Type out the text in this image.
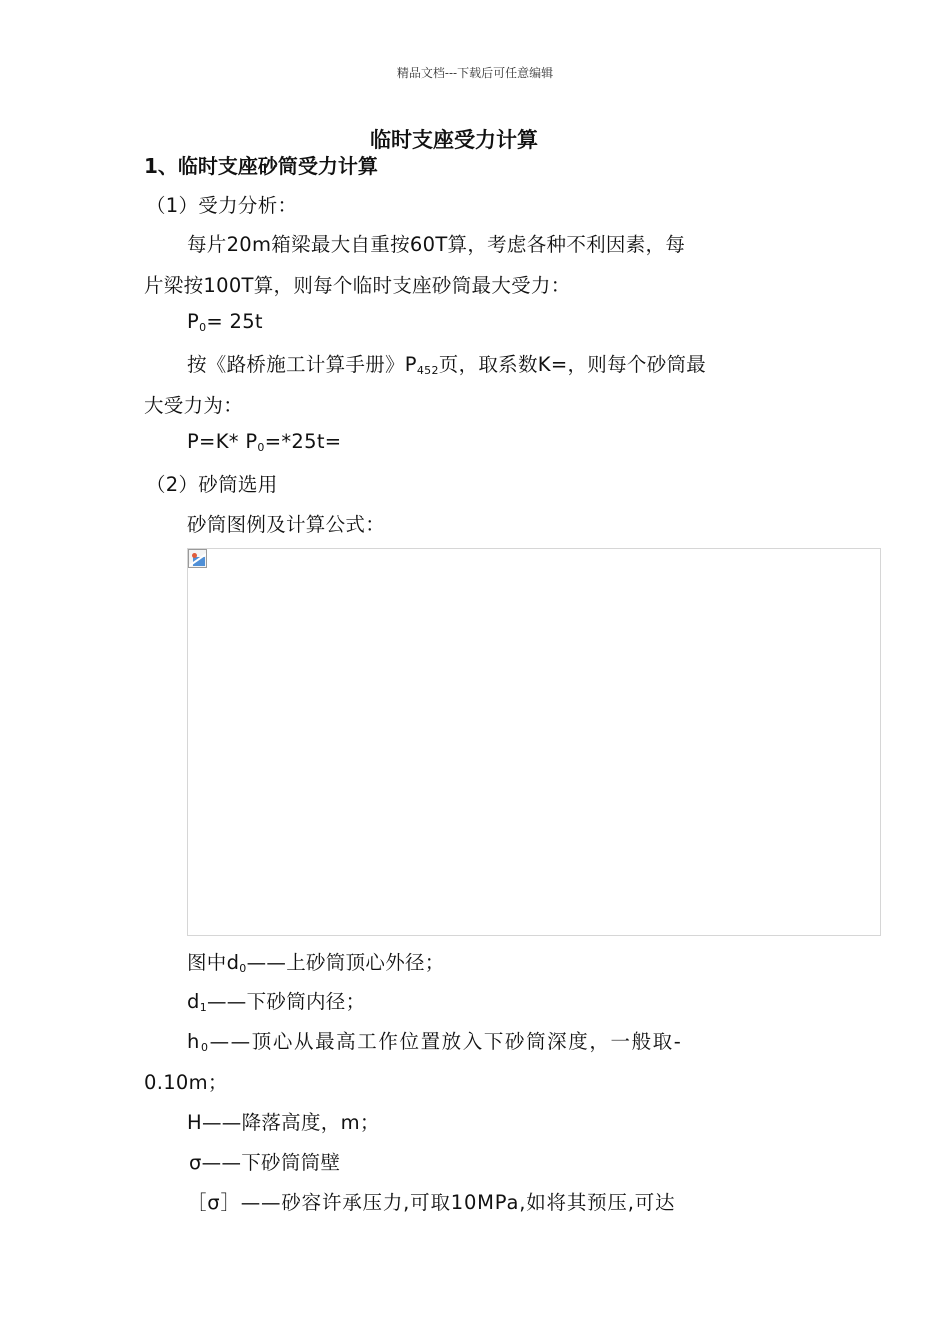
精品文档---下载后可任意编辑
临时支座受力计算
1、临时支座砂筒受力计算
（1）受力分析：
每片20m箱梁最大自重按60T算，考虑各种不利因素，每
片梁按100T算，则每个临时支座砂筒最大受力：
$P_0= 25t$
按《路桥施工计算手册》$P_{452}$页，取系数K=，则每个砂筒最
大受力为：
P=K* $P_0=*25t=$
（2）砂筒选用
砂筒图例及计算公式：
图中$d_0——$上砂筒顶心外径；
$d_1——$下砂筒内径；
$h_0——$顶心从最高工作位置放入下砂筒深度，一般取-
0.10m；
H——降落高度，m；
σ——下砂筒筒壁
［σ］——砂容许承压力,可取10MPa,如将其预压,可达
